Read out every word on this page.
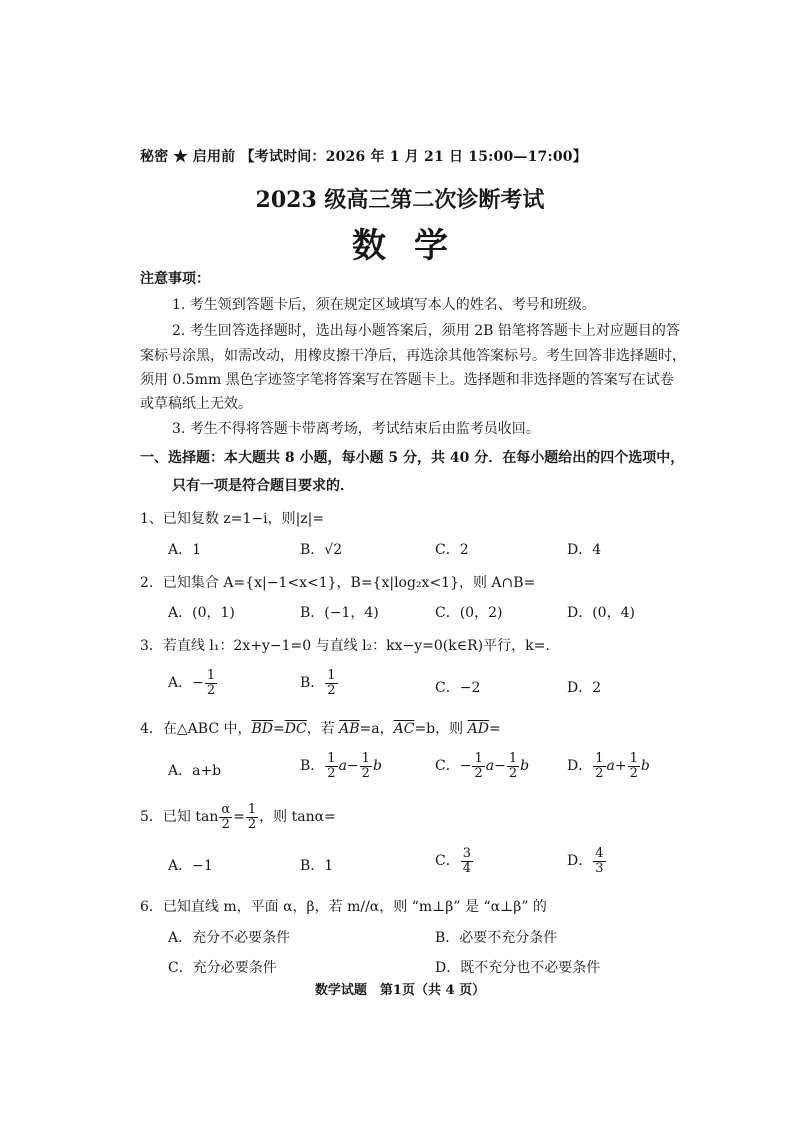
秘密 ★ 启用前 【考试时间：2026 年 1 月 21 日 15:00—17:00】
2023 级高三第二次诊断考试
数学
注意事项：
1. 考生领到答题卡后，须在规定区域填写本人的姓名、考号和班级。
2. 考生回答选择题时，选出每小题答案后，须用 2B 铅笔将答题卡上对应题目的答
案标号涂黑，如需改动，用橡皮擦干净后，再选涂其他答案标号。考生回答非选择题时，
须用 0.5mm 黑色字迹签字笔将答案写在答题卡上。选择题和非选择题的答案写在试卷
或草稿纸上无效。
3. 考生不得将答题卡带离考场，考试结束后由监考员收回。
一、选择题：本大题共 8 小题，每小题 5 分，共 40 分．在每小题给出的四个选项中，
只有一项是符合题目要求的．
1、已知复数 z=1−i，则|z|=
A．1	B．√2	C．2	D．4
2．已知集合 A={x|−1<x<1}，B={x|log₂x<1}，则 A∩B=
A．(0，1)	B．(−1，4)	C．(0，2)	D．(0，4)
3．若直线 l₁：2x+y−1=0 与直线 l₂：kx−y=0(k∈R)平行，k=.
A．− $\frac{1}{2}$	B． $\frac{1}{2}$	C．−2	D．2
4．在△ABC 中，$\overline{BD}=\overline{DC}$，若 $\overline{AB}=a$，$\overline{AC}=b$，则 $\overline{AD}=$
A．a+b	B． $\frac{1}{2} a- \frac{1}{2}$ b	C．− $\frac{1}{2} a- \frac{1}{2}$ b	D． $\frac{1}{2} a+ \frac{1}{2}$ b
5．已知 $\tan \frac{\alpha}{2} = \frac{1}{2}$ ，则 tanα=
A．−1	B．1	C． $\frac{3}{4}$	D． $\frac{4}{3}$
6．已知直线 m，平面 α，β，若 m//α，则 “m⊥β” 是 “α⊥β” 的
A．充分不必要条件	B．必要不充分条件
C．充分必要条件	D．既不充分也不必要条件
数学试题　第1页（共 4 页）
